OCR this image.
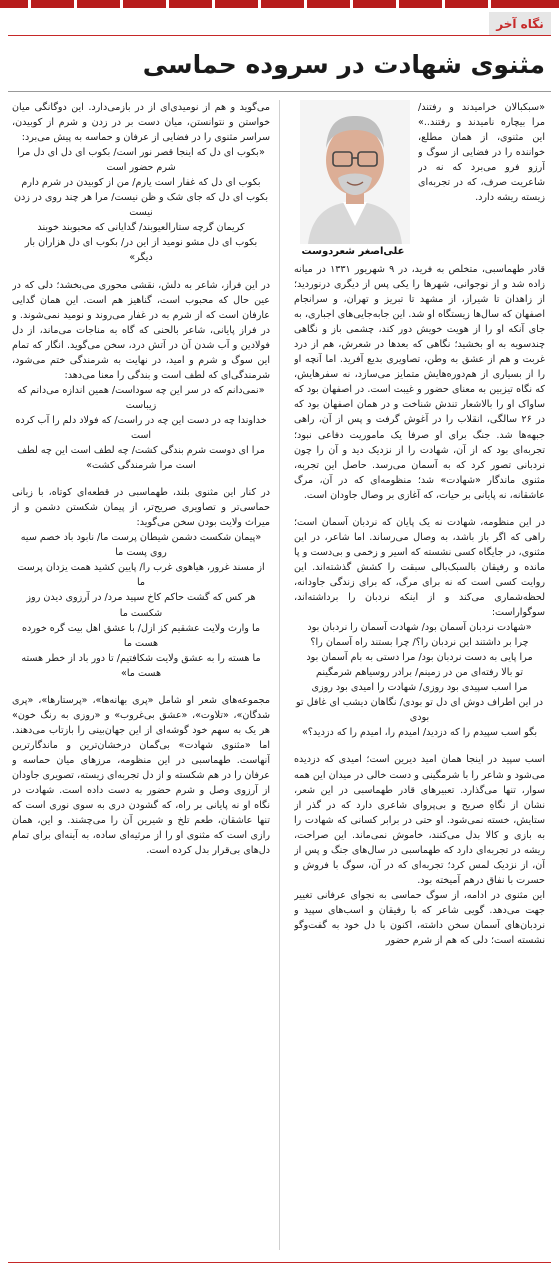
نگاه آخر
مثنوی شهادت در سروده حماسی
علی‌اصغر شعردوست

«سبکبالان خرامیدند و رفتند/ مرا بیچاره نامیدند و رفتند..» این مثنوی، از همان مطلع، خواننده را در فضایی از سوگ و آرزو فرو می‌برد که نه در شاعریت صرف، که در تجربه‌ای زیسته ریشه دارد.

قادر طهماسبی، متخلص به فرید، در ۹ شهریور ۱۳۳۱ در میانه زاده شد و از نوجوانی، شهرها را یکی پس از دیگری درنوردید؛ از زاهدان تا شیراز، از مشهد تا تبریز و تهران، و سرانجام اصفهان که سال‌ها زیستگاه او شد. این جابه‌جایی‌های اجباری، به جای آنکه او را از هویت خویش دور کند، چشمی باز و نگاهی چندسویه به او بخشید؛ نگاهی که بعدها در شعرش، هم از درد غربت و هم از عشق به وطن، تصاویری بدیع آفرید. اما آنچه او را از بسیاری از هم‌دوره‌هایش متمایز می‌سازد، نه سفرهایش، که نگاه تیزبین به معنای حضور و غیبت است. در اصفهان بود که ساواک او را بالاشعار تندش شناخت و در همان اصفهان بود که در ۲۶ سالگی، انقلاب را در آغوش گرفت و پس از آن، راهی جبهه‌ها شد. جنگ برای او صرفا یک ماموریت دفاعی نبود؛ تجربه‌ای بود که از آن، شهادت را از نزدیک دید و آن را چون نردبانی تصور کرد که به آسمان می‌رسد. حاصل این تجربه، مثنوی ماندگار «شهادت» شد؛ منظومه‌ای که در آن، مرگ عاشقانه، نه پایانی بر حیات، که آغازی بر وصال جاودان است.

در این منظومه، شهادت نه یک پایان که نردبان آسمان است؛ راهی که اگر باز باشد، به وصال می‌رساند. اما شاعر، در این مثنوی، در جایگاه کسی نشسته که اسیر و زخمی و بی‌دست و پا مانده و رفیقان بالسبک‌بالی سبقت را کشش گذشته‌اند. این روایت کسی است که نه برای مرگ، که برای زندگی جاودانه، لحظه‌شماری می‌کند و از اینکه نردبان را برداشته‌اند، سوگواراست:

«شهادت نردبان آسمان بود/ شهادت آسمان را نردبان بود

چرا بر داشتند این نردبان را؟/ چرا بستند راه آسمان را؟

مرا پایی به دست نردبان بود/ مرا دستی به بام آسمان بود

تو بالا رفته‌ای من در زمینم/ برادر روسیاهم شرمگینم

مرا اسب سپیدی بود روزی/ شهادت را امیدی بود روزی

در این اطراف دوش ای دل تو بودی/ نگاهان دیشب ای غافل تو بودی

بگو اسب سپیدم را که دزدید/ امیدم را، امیدم را که دزدید؟»

اسب سپید در اینجا همان امید دیرین است؛ امیدی که دزدیده می‌شود و شاعر را با شرمگینی و دست خالی در میدان این همه سوار، تنها می‌گذارد. تعبیرهای قادر طهماسبی در این شعر، نشان از نگاهِ صریح و بی‌پروای شاعری دارد که در گذر از ستایش، خسته نمی‌شود. او حتی در برابر کسانی که شهادت را به بازی و کالا بدل می‌کنند، خاموش نمی‌ماند. این صراحت، ریشه در تجربه‌ای دارد که طهماسبی در سال‌های جنگ و پس از آن، از نزدیک لمس کرد؛ تجربه‌ای که در آن، سوگ با فروش و حسرت با نفاق درهم آمیخته بود.

این مثنوی در ادامه، از سوگ حماسی به نجوای عرفانی تغییر جهت می‌دهد. گویی شاعر که با رفیقان و اسب‌های سپید و نردبان‌های آسمان سخن داشته، اکنون با دل خود به گفت‌وگو نشسته است؛ دلی که هم از شرم حضور

می‌گوید و هم از نومیدی‌ای از در بازمی‌دارد. این دوگانگی میان خواستن و نتوانستن، میان دست بر در زدن و شرم از کوبیدن، سراسر مثنوی را در فضایی از عرفان و حماسه به پیش می‌برد:

«بکوب ای دل که اینجا قصر نور است/ بکوب ای دل ای دل مرا شرم حضور است

بکوب ای دل که غفار است یارم/ من از کوبیدن در شرم دارم

بکوب ای دل که جای شک و ظن نیست/ مرا هر چند روی در زدن نیست

کریمان گرچه ستارالعیوبند/ گدایانی که محبوبند خوبند

بکوب ای دل مشو نومید از این در/ بکوب ای دل هزاران بار دیگر»

در این فراز، شاعر به دلش، نقشی محوری می‌بخشد؛ دلی که در عین حال که محبوب است، گناهیز هم است. این همان گدایی عارفان است که از شرم به در غفار می‌روند و نومید نمی‌شوند. و در فراز پایانی، شاعر بالحنی که گاه به مناجات می‌ماند، از دل فولادین و آب شدن آن در آتش درد، سخن می‌گوید. انگار که تمام این سوگ و شرم و امید، در نهایت به شرمندگی ختم می‌شود، شرمندگی‌ای که لطف است و بندگی را معنا می‌دهد:

«نمی‌دانم که در سر این چه سوداست/ همین اندازه می‌دانم که زیباست

خداوندا چه در دست این چه در راست/ که فولاد دلم را آب کرده است

مرا ای دوست شرم بندگی کشت/ چه لطف است این چه لطف است مرا شرمندگی کشت»

در کنار این مثنوی بلند، طهماسبی در قطعه‌ای کوتاه، با زبانی حماسی‌تر و تصاویری صریح‌تر، از پیمان شکستن دشمن و از میراث ولایت بودن سخن می‌گوید:

«پیمان شکست دشمن شیطان پرست ما/ نابود باد خصم سیه روی پست ما

از مسند غرور، هیاهوی غرب را/ پایین کشید همت یزدان پرست ما

هر کس که گشت حاکم کاخ سپید مرد/ در آرزوی دیدن روز شکست ما

ما وارث ولایت عشقیم کز ازل/ با عشق اهل بیت گره خورده هست ما

ما هسته را به عشق ولایت شکافتیم/ تا دور باد از خطر هسته هست ما»

مجموعه‌های شعر او شامل «پری بهانه‌ها»، «پرستارها»، «پری شدگان»، «تلاوت»، «عشق بی‌غروب» و «روزی به رنگ خون» هر یک به سهم خود گوشه‌ای از این جهان‌بینی را بازتاب می‌دهند. اما «مثنوی شهادت» بی‌گمان درخشان‌ترین و ماندگارترین آنهاست. طهماسبی در این منظومه، مرزهای میان حماسه و عرفان را در هم شکسته و از دل تجربه‌ای زیسته، تصویری جاودان از آرزوی وصل و شرم حضور به دست داده است. شهادت در نگاه او نه پایانی بر راه، که گشودن دری به سوی نوری است که تنها عاشقان، طعم تلخ و شیرین آن را می‌چشند. و این، همان رازی است که مثنوی او را از مرثیه‌ای ساده، به آینه‌ای برای تمام دل‌های بی‌قرار بدل کرده است.
